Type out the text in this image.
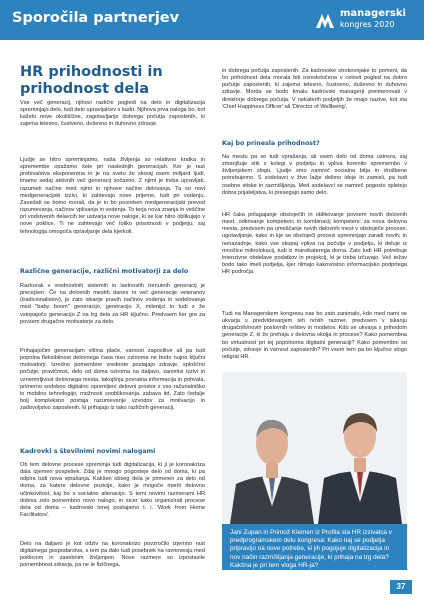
Sporočila partnerjev	managerski
kongres 2020
HR prihodnosti in prihodnost dela

Vse več generacij, njihovi različni pogledi na delo in digitalizacija spreminjajo delo, tudi delo upravljalcev s kadri. Njihova prva naloga bo, kot kaželo nove okoliščine, zagotavljanje dobrega počutja zaposlenih, ki zajema telesno, čustveno, duševno in duhovno zdravje.

Ljudje se hitro spreminjamo, naša življenja so relativno kratka in spremembe opažamo šele pri naslednjih generacijah. Ker je rast prebivalstva eksponentna in je na svetu že skoraj osem milijard ljudi, imamo sedaj aktivnih več generacij sočasno. Z njimi je treba upravljati, razumeti načine med njimi in njihove načine delovanja. Ta so novi medgeneracijski izzivi, ki zahtevajo nove prijeme, tudi pri vodenju. Zavedati se bomo morali, da je in bo posreben medgeneracijski prevod razumevanja, načinov vplivanja in vodenja. To terja nova znanja in veščine pri vodstvenih delavcih ter ustvarja nove naloge, ki se kar hitro oblikujejo v nove poklice. Ti ne zahtevajo več toliko prisotnosti v podjetju, saj tehnologija omogoča opravljanje dela kjerkoli.

Različne generacije, različni motivatorji za delo

Razkorak v vrednostnih sistemih in lastnostih trenutnih generacij je precejšen. Če na delovnih mestih danes ni več generacije veteranov (tradicionalistov), je zato iskanje pravih načinov vodenja in sodelovanja med "baby boom" generacijo, generacijo X, milenijci in tudi z že vstopajočo generacijo Z na trg dela za HR ključno. Predvsem ker gre za povsem drugačne motivatorje za delo.

Prihajajočim generacijam višina plače, varnost zaposlitve ali pa tudi popolna fleksibilnost delovnega časa niso ozirioma ne bodo nujno ključni motivatorji. Izredno pomembne vrednote postajajo zdravje, sploščno počutje, pravičnost, delo od doma oziroma na daljavo, zanimivi izzivi in vznemirljivost delovnega mesta, takojšnja povratna informacija in pohvala, primerno sodobno digitalno opremljeni delovni prostor z vso računalniško in mobilno tehnologijo, možnosti sooblikovanja, zabava itd. Zato čedalje bolj kompleksno postaja razumevanje vzvodov za motivacijo in zadovoljstvo zaposlenih, ki prihajajo iz tako različnih generacij.

Kadrovki s številnimi novimi nalogami

Ob tem delovne procese spreminja tudi digitalizacija, ki ji je koronakriza dala izjemen pospešek. Zdaj je mnogo pogosteje delo od doma, ki pa odpira tudi nova vprašanja. Kakšen obseg dela je primeren za delo od doma, za katere delovne pozicije, kako je mogoče meriti delovno učinkovitost, kaj bo s socialno alienacijo. S temi novimi razmerami HR dobiva zelo pomembno novo nalogo, in sicer kako organizirati procese dela od doma – kadrovski tonej postajamo t. i. 'Work from Home Facilitators'.

Delo na daljavo je kot odziv na koronakrizo povzročilo izjemno rast digitalnega gospodarstva, s tem pa dalo tudi posebnek na ravnovesju med poklicnim in zasebnim življenjem. Nove razmere so izpostavile pomembnost zdravja, pa ne le fizičnega,

in dobrega počutja zaposlenih. Za kadrovske strokovnjake to pomeni, da bo prihodnost dela morala biti osredotočena v celovit pogled na dobro počutje zaposlenih, ki zajema telesno, čustveno, duševno in duhovno zdravje. Morda se bodo kmalu kadrovski managerji preimenovali v direktorje dobrega počutja. V nekaterih podjetjih že imajo nazive, kot sta 'Chief Happiness Officer' ali 'Director of Wellbeing'.

Kaj bo prinesla prihodnost?

Na mestu pa so tudi vprašanja, ali vsem delo od doma ustreza, saj zmanjšuje stik s kolegi v podjetju in vpliva korenito spremembo v življenjskem slogu. Ljudje smo namreč socialna bitja in družbene potrebujemo. S sodelavci v živo lažje delimo ideje in zamisli, pa tudi osebne stiske in razmišljanja. Med sodelavci se namreč pogosto spletejo dobra prijateljstva, ki presegajo samo delo.

HR čaka prilagajanje obstoječih in oblikovanje povsem novih delovnih mest, odkrivanje kompetenc in kombinacij kompetenc za nova delovna mesta, predvsem pa umeščanje novih delovnih mest v obstoječe procese, ugotavljanje, kako in kje se obstoječi procesi spreminjajo zaradi novih; in nenazadnje, kako vse skupaj vpliva na počutje v podjetju, ki deluje iz množice mikrolokacij, tudi iz marsikaterega doma. Zato tudi HR potrebuje intenzivne obdelave podatkov in projekcij, ki je treba izčuvajo. Več težav bodo tako imeli podjetja, kjer rilmajo kakovostno informacijsko podprtega HR področja.

Tudi na Managerskem kongresu nas bo zato zanimalo, kdo med nami se ukvarja s predvidevanjem teh novih razmer, predvsem v iskanju drugačnih/novih poslovnih rešitev in modelov. Kdo se ukvarja s prihodom generacije Z, ki že prehaja v delovna okolja in procese? Kako pomembna bo virtualnost pri tej popolnoma digitalni generaciji? Kako pomembni so počutje, zdravje in varnost zaposlenih? Pri vsem tem pa bo ključno vlogo odigral HR.

Jani Zupan in Primož Klemen iz Profila sta HR izzivalca v predprogramskem delu kongresa: Kako naj se podjetja pripravijo na nove potrebe, ki jih pogojuje digitalizacija in nov način razmišljanja generacije, ki prihaja na trg dela? Kakšna je pri tem vloga HR-ja?
37
